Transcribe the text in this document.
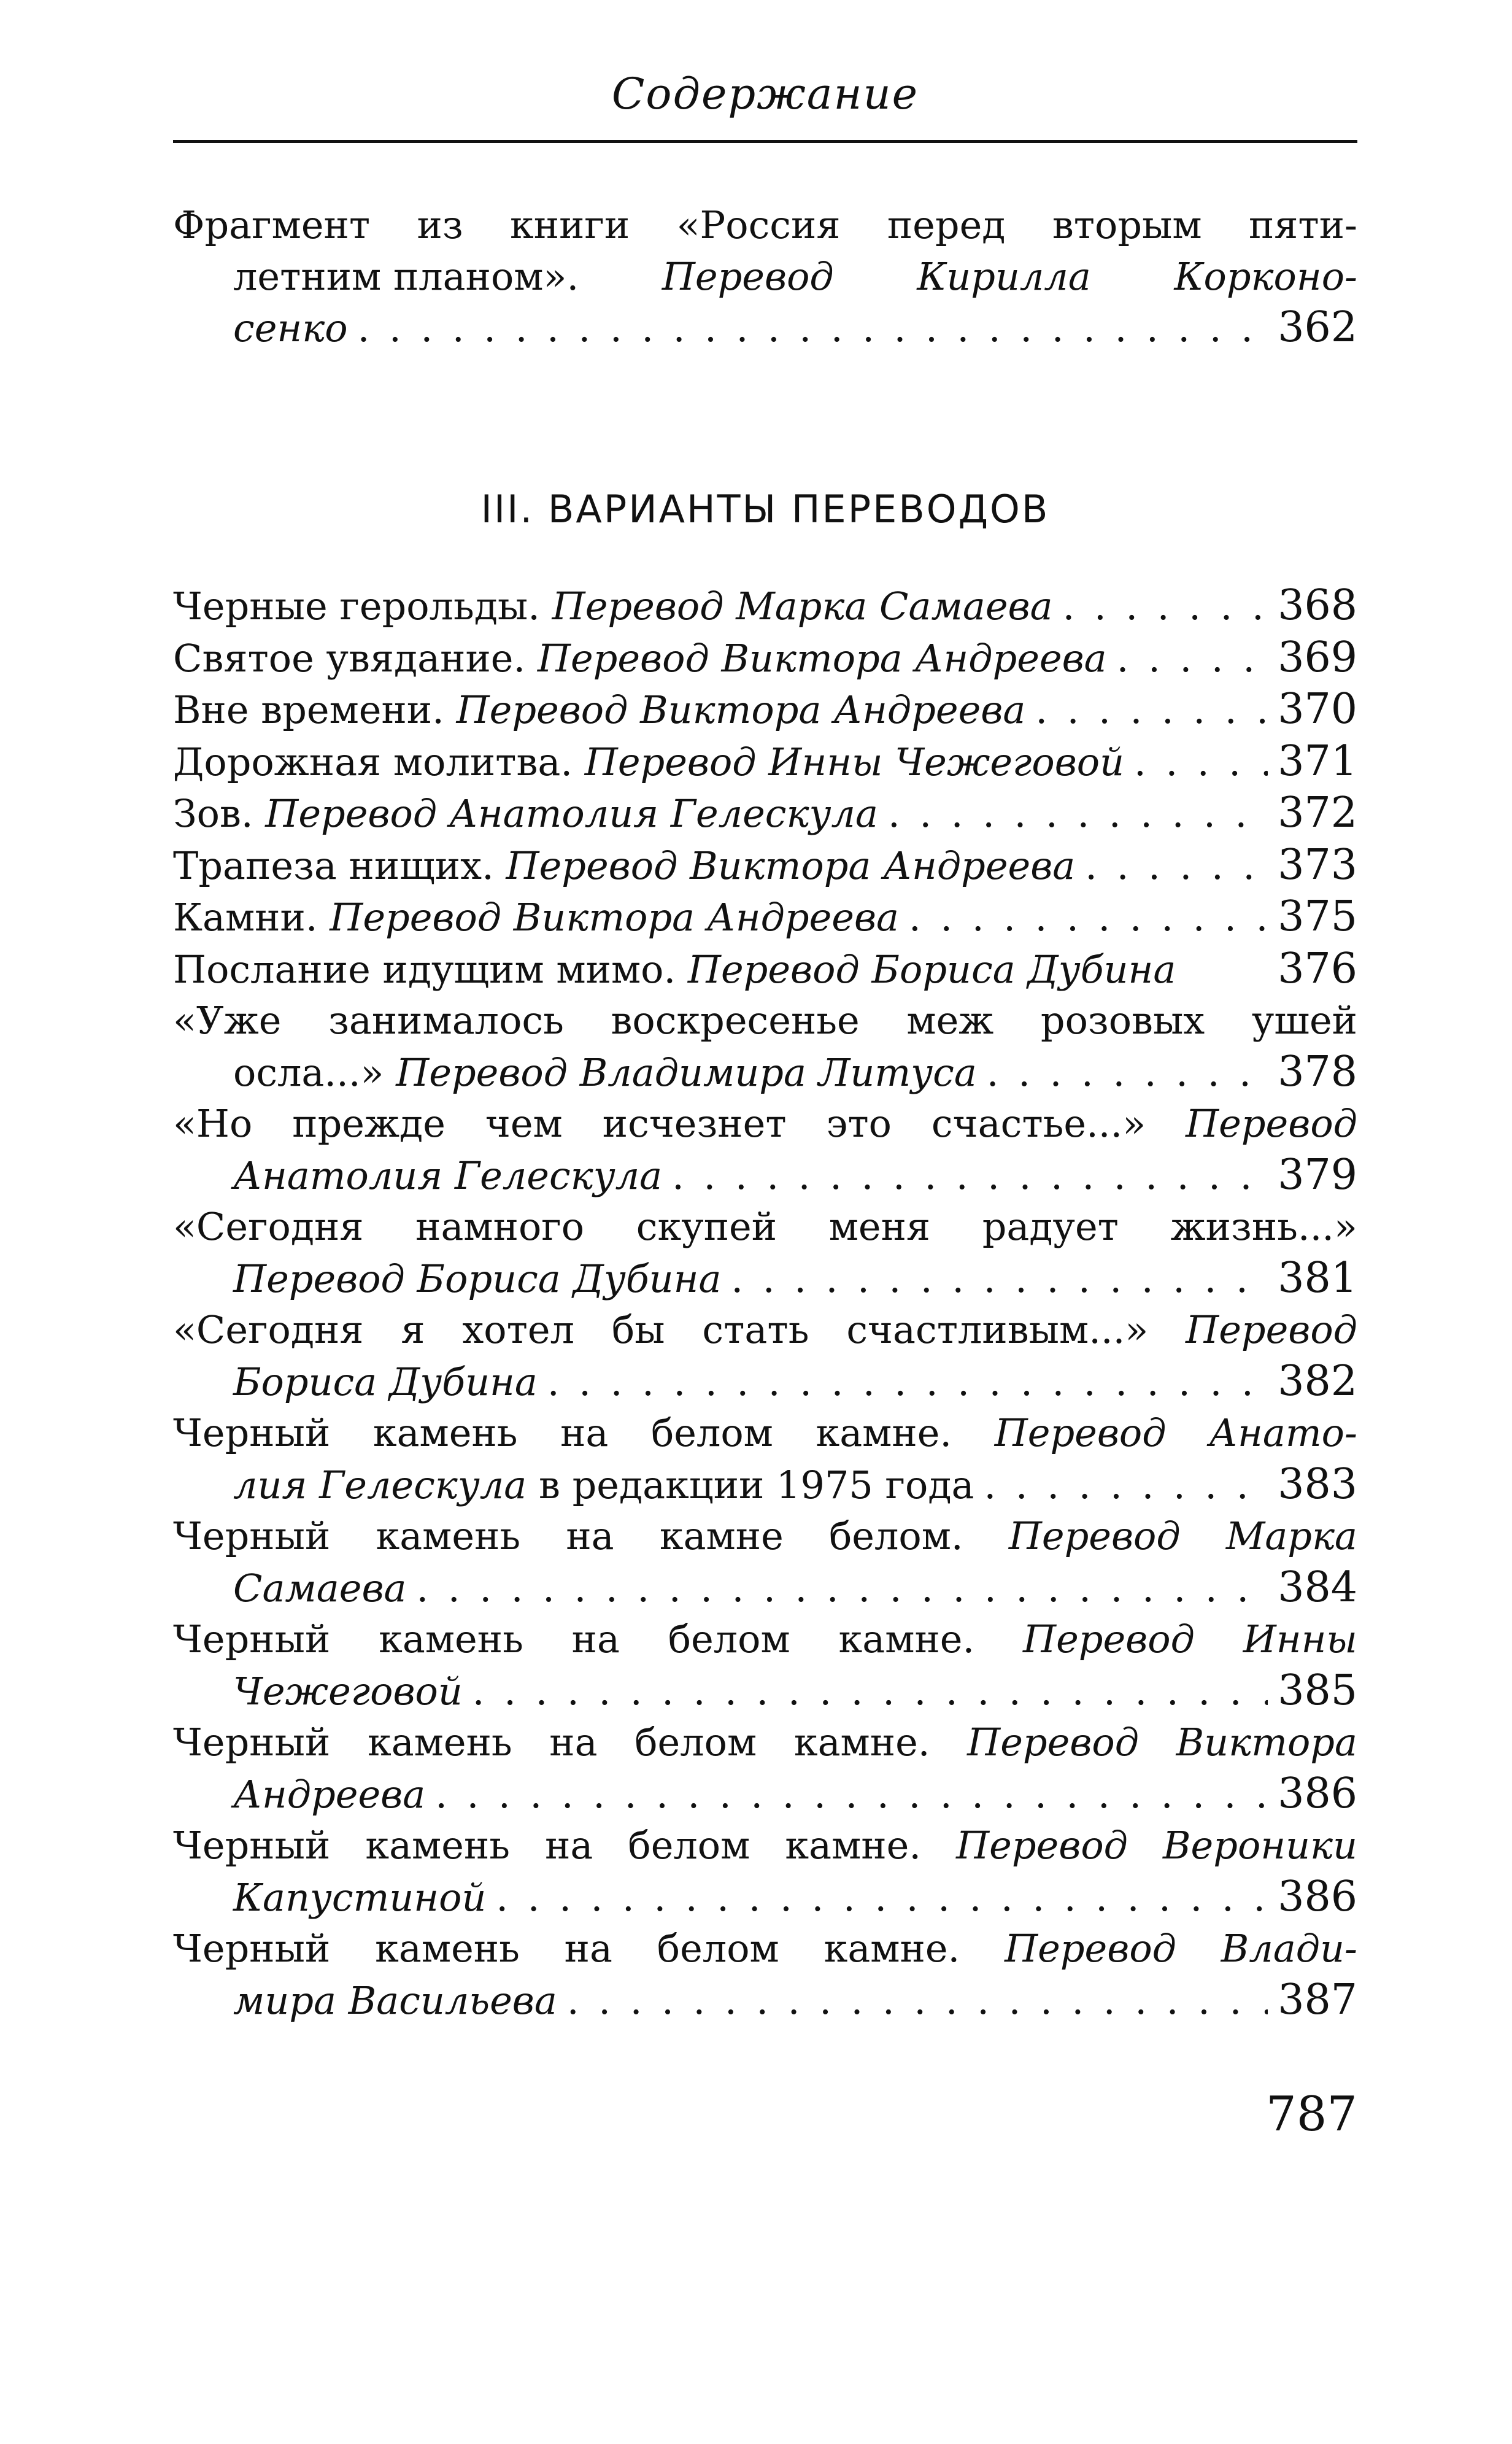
Содержание
Фрагмент из книги «Россия перед вторым пяти-
летним планом». Перевод Кирилла Корконо-
сенко . . .	362
III. ВАРИАНТЫ ПЕРЕВОДОВ
Черные герольды.
Перевод Марка Самаева . . .	368
Святое увядание.
Перевод Виктора Андреева . . .	369
Вне времени.
Перевод Виктора Андреева . . .	370
Дорожная молитва.
Перевод Инны Чежеговой . . .	371
Зов.
Перевод Анатолия Гелескула . . .	372
Трапеза нищих.
Перевод Виктора Андреева . . .	373
Камни.
Перевод Виктора Андреева . . .	375
Послание идущим мимо.
Перевод Бориса Дубина 376
«Уже занималось воскресенье меж розовых ушей
осла...»
Перевод Владимира Литуса . . .	378
«Но прежде чем исчезнет это счастье...» Перевод
Анатолия Гелескула . . .	379
«Сегодня намного скупей меня радует жизнь...»
Перевод Бориса Дубина . . .	381
«Сегодня я хотел бы стать счастливым...» Перевод
Бориса Дубина . . .	382
Черный камень на белом камне. Перевод Анато-
лия Гелескула
в редакции 1975 года . . .	383
Черный камень на камне белом. Перевод Марка
Самаева . . .	384
Черный камень на белом камне. Перевод Инны
Чежеговой . . .	385
Черный камень на белом камне. Перевод Виктора
Андреева . . .	386
Черный камень на белом камне. Перевод Вероники
Капустиной . . .	386
Черный камень на белом камне. Перевод Влади-
мира Васильева . . .	387
787
